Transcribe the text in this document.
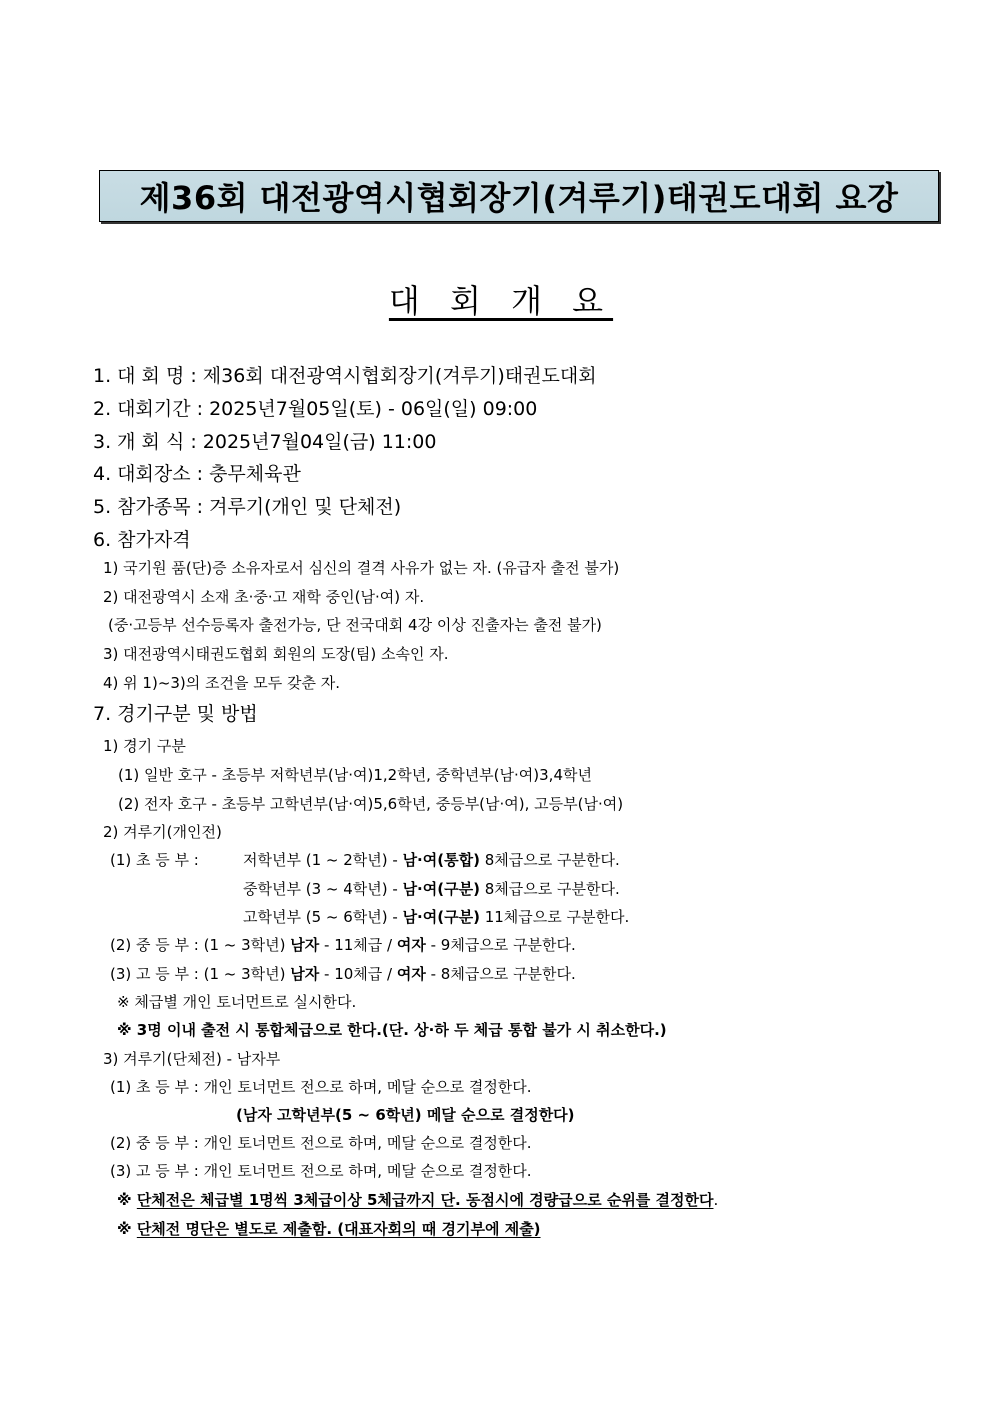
제36회 대전광역시협회장기(겨루기)태권도대회 요강
대 회 개 요
1. 대 회 명 : 제36회 대전광역시협회장기(겨루기)태권도대회
2. 대회기간 : 2025년7월05일(토) - 06일(일) 09:00
3. 개 회 식 : 2025년7월04일(금) 11:00
4. 대회장소 : 충무체육관
5. 참가종목 : 겨루기(개인 및 단체전)
6. 참가자격
1) 국기원 품(단)증 소유자로서 심신의 결격 사유가 없는 자. (유급자 출전 불가)
2) 대전광역시 소재 초·중·고 재학 중인(남·여) 자.
(중·고등부 선수등록자 출전가능, 단 전국대회 4강 이상 진출자는 출전 불가)
3) 대전광역시태권도협회 회원의 도장(팀) 소속인 자.
4) 위 1)~3)의 조건을 모두 갖춘 자.
7. 경기구분 및 방법
1) 경기 구분
(1) 일반 호구 - 초등부 저학년부(남·여)1,2학년, 중학년부(남·여)3,4학년
(2) 전자 호구 - 초등부 고학년부(남·여)5,6학년, 중등부(남·여), 고등부(남·여)
2) 겨루기(개인전)
(1) 초 등 부 :	저학년부 (1 ~ 2학년) - 남·여(통합) 8체급으로 구분한다.
중학년부 (3 ~ 4학년) - 남·여(구분) 8체급으로 구분한다.
고학년부 (5 ~ 6학년) - 남·여(구분) 11체급으로 구분한다.
(2) 중 등 부 : (1 ~ 3학년) 남자 - 11체급 / 여자 - 9체급으로 구분한다.
(3) 고 등 부 : (1 ~ 3학년) 남자 - 10체급 / 여자 - 8체급으로 구분한다.
※ 체급별 개인 토너먼트로 실시한다.
※ 3명 이내 출전 시 통합체급으로 한다.(단. 상·하 두 체급 통합 불가 시 취소한다.)
3) 겨루기(단체전) - 남자부
(1) 초 등 부 : 개인 토너먼트 전으로 하며, 메달 순으로 결정한다.
(남자 고학년부(5 ~ 6학년) 메달 순으로 결정한다)
(2) 중 등 부 : 개인 토너먼트 전으로 하며, 메달 순으로 결정한다.
(3) 고 등 부 : 개인 토너먼트 전으로 하며, 메달 순으로 결정한다.
※ 단체전은 체급별 1명씩 3체급이상 5체급까지 단. 동점시에 경량급으로 순위를 결정한다.
※ 단체전 명단은 별도로 제출함. (대표자회의 때 경기부에 제출)
